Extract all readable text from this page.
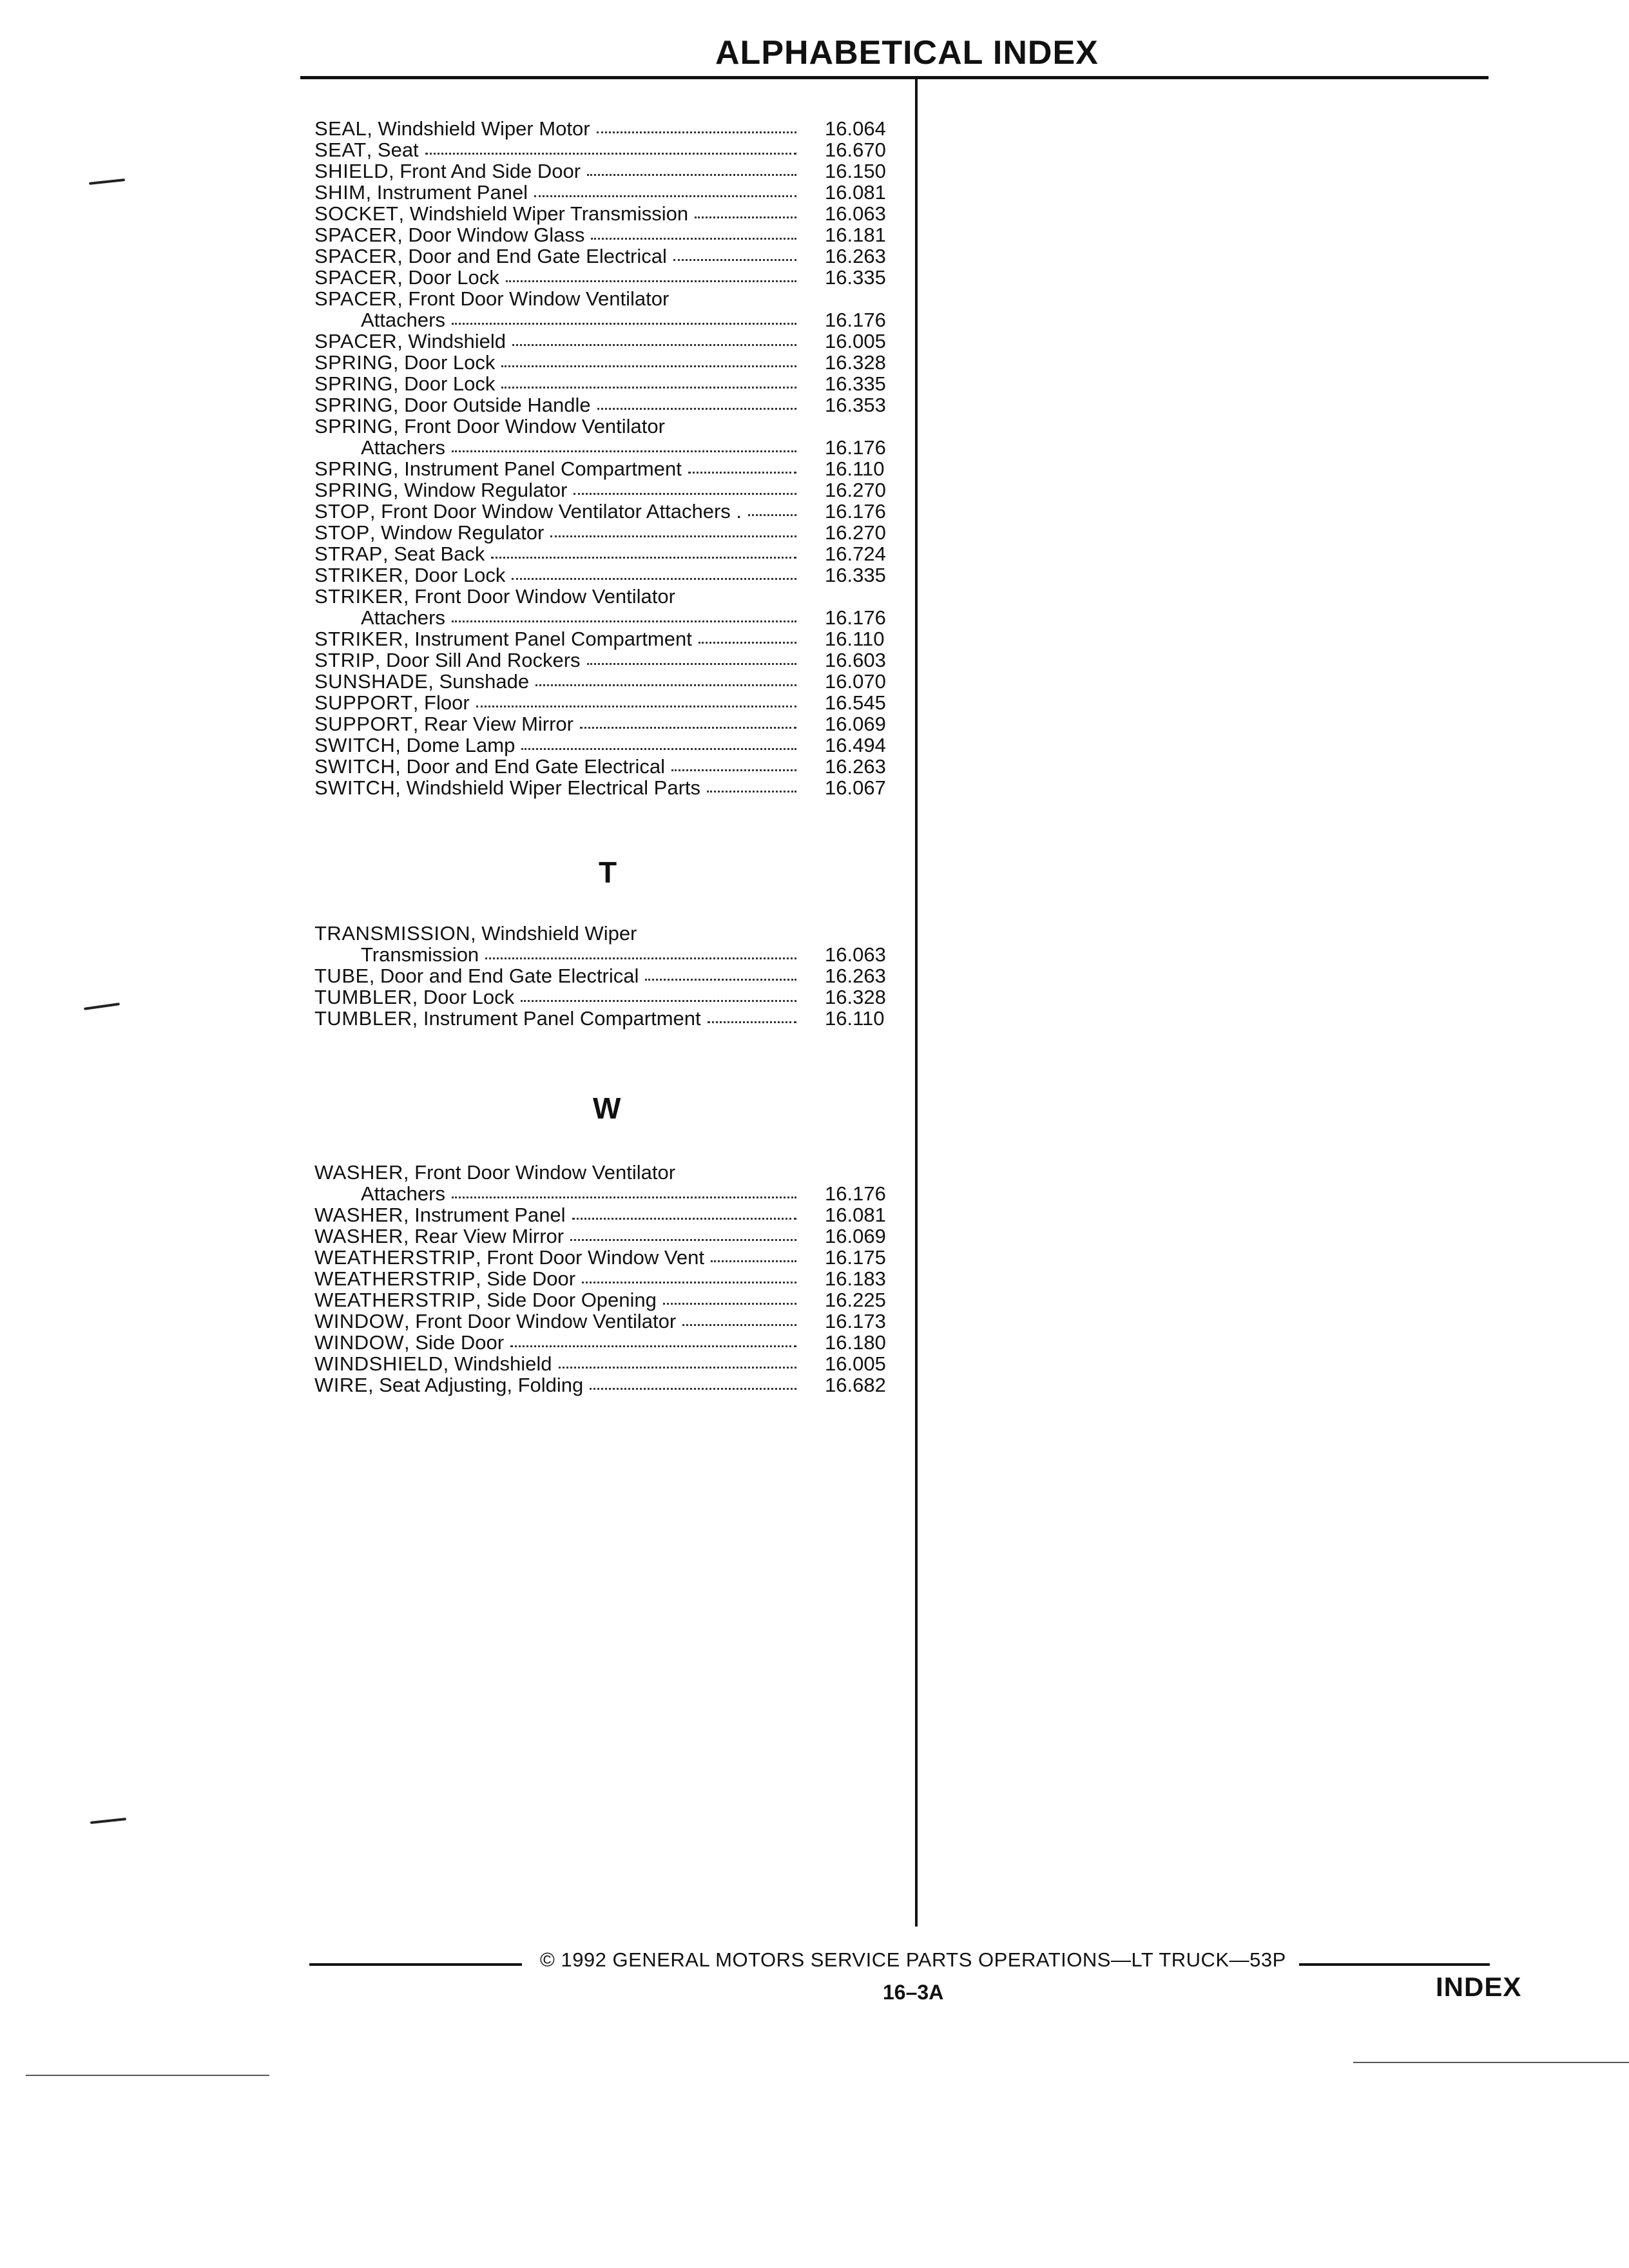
ALPHABETICAL INDEX
SEAL, Windshield Wiper Motor	16.064
SEAT, Seat	16.670
SHIELD, Front And Side Door	16.150
SHIM, Instrument Panel	16.081
SOCKET, Windshield Wiper Transmission	16.063
SPACER, Door Window Glass	16.181
SPACER, Door and End Gate Electrical	16.263
SPACER, Door Lock	16.335
SPACER, Front Door Window Ventilator
Attachers	16.176
SPACER, Windshield	16.005
SPRING, Door Lock	16.328
SPRING, Door Lock	16.335
SPRING, Door Outside Handle	16.353
SPRING, Front Door Window Ventilator
Attachers	16.176
SPRING, Instrument Panel Compartment	16.110
SPRING, Window Regulator	16.270
STOP, Front Door Window Ventilator Attachers .	16.176
STOP, Window Regulator	16.270
STRAP, Seat Back	16.724
STRIKER, Door Lock	16.335
STRIKER, Front Door Window Ventilator
Attachers	16.176
STRIKER, Instrument Panel Compartment	16.110
STRIP, Door Sill And Rockers	16.603
SUNSHADE, Sunshade	16.070
SUPPORT, Floor	16.545
SUPPORT, Rear View Mirror	16.069
SWITCH, Dome Lamp	16.494
SWITCH, Door and End Gate Electrical	16.263
SWITCH, Windshield Wiper Electrical Parts	16.067
T
TRANSMISSION, Windshield Wiper
Transmission	16.063
TUBE, Door and End Gate Electrical	16.263
TUMBLER, Door Lock	16.328
TUMBLER, Instrument Panel Compartment	16.110
W
WASHER, Front Door Window Ventilator
Attachers	16.176
WASHER, Instrument Panel	16.081
WASHER, Rear View Mirror	16.069
WEATHERSTRIP, Front Door Window Vent	16.175
WEATHERSTRIP, Side Door	16.183
WEATHERSTRIP, Side Door Opening	16.225
WINDOW, Front Door Window Ventilator	16.173
WINDOW, Side Door	16.180
WINDSHIELD, Windshield	16.005
WIRE, Seat Adjusting, Folding	16.682
© 1992 GENERAL MOTORS SERVICE PARTS OPERATIONS—LT TRUCK—53P
16–3A	INDEX
